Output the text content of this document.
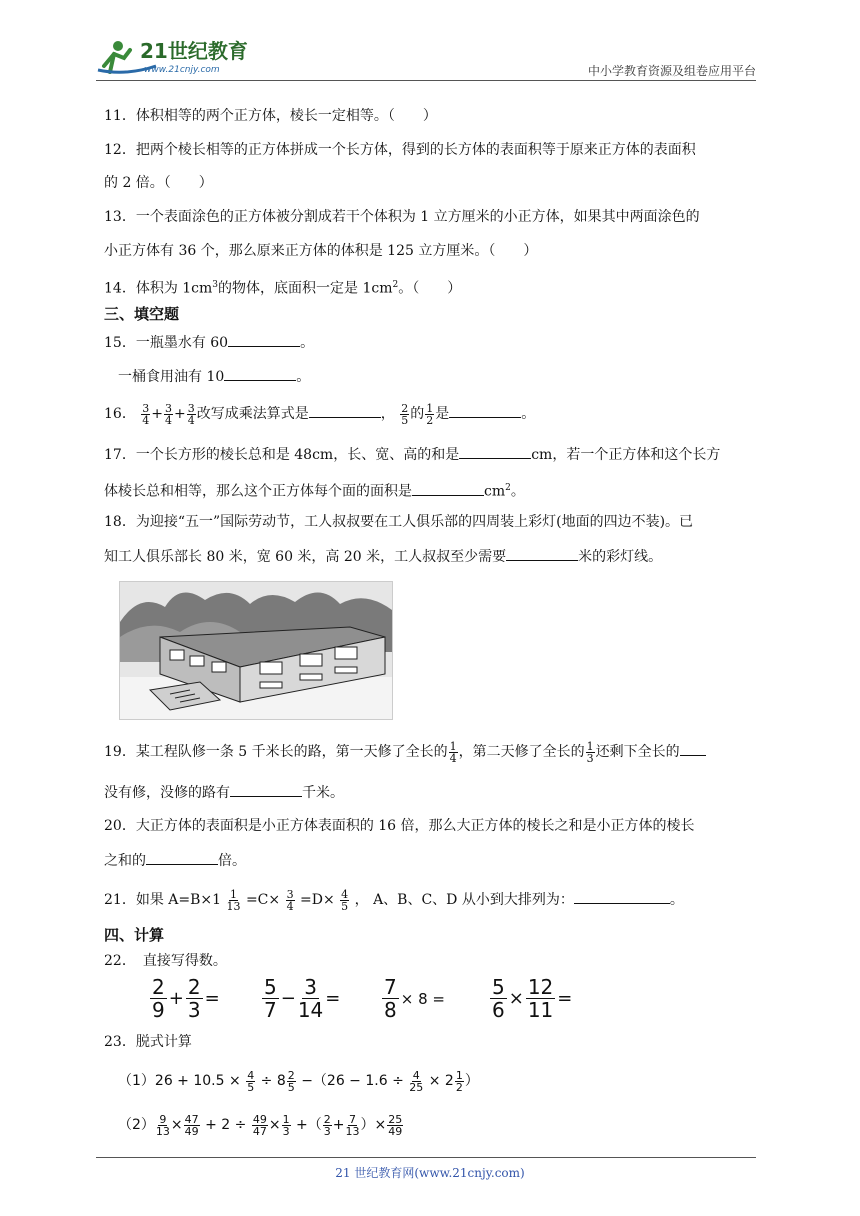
21世纪教育
www.21cnjy.com	中小学教育资源及组卷应用平台
11．体积相等的两个正方体，棱长一定相等。（　　）
12．把两个棱长相等的正方体拼成一个长方体，得到的长方体的表面积等于原来正方体的表面积
的 2 倍。（　　）
13．一个表面涂色的正方体被分割成若干个体积为 1 立方厘米的小正方体，如果其中两面涂色的
小正方体有 36 个，那么原来正方体的体积是 125 立方厘米。（　　）
14．体积为 $1cm^3$的物体，底面积一定是 $1cm^2$。（　　）
三、填空题
15．一瓶墨水有 60	。
一桶食用油有 10	。
16． $\frac{3}{4} + \frac{3}{4} + \frac{3}{4}$ 改写成乘法算式是	， $\frac{2}{5}$ 的 $\frac{1}{2}$ 是	。
17．一个长方形的棱长总和是 48cm，长、宽、高的和是	cm，若一个正方体和这个长方
体棱长总和相等，那么这个正方体每个面的面积是	$cm^2$。
18．为迎接“五一”国际劳动节，工人叔叔要在工人俱乐部的四周装上彩灯(地面的四边不装)。已
知工人俱乐部长 80 米，宽 60 米，高 20 米，工人叔叔至少需要	米的彩灯线。
19．某工程队修一条 5 千米长的路，第一天修了全长的 $\frac{1}{4}$ ，第二天修了全长的 $\frac{1}{3}$ 还剩下全长的
没有修，没修的路有	千米。
20．大正方体的表面积是小正方体表面积的 16 倍，那么大正方体的棱长之和是小正方体的棱长
之和的	倍。
21．如果 $A=B\times 1 \frac{1}{13} =C\times \frac{3}{4} =D\times \frac{4}{5}$ ， A、B、C、D 从小到大排列为：	。
四、计算
22．　直接写得数。
$\frac{2}{9} + \frac{2}{3} = \frac{5}{7} - \frac{3}{14} = \frac{7}{8} \times 8 = \frac{5}{6} \times \frac{12}{11}$ =
23．脱式计算
$(1)26 + 10.5 \times \frac{4}{5} \div 8 \frac{2}{5} -(26 - 1.6 \div \frac{4}{25} \times 2 \frac{1}{2}$ ）
$(2) \frac{9}{13} \times \frac{47}{49} + 2 \div \frac{49}{47} \times \frac{1}{3}$ +（ $\frac{2}{3} + \frac{7}{13}$ ）× $\frac{25}{49}$
21 世纪教育网(www.21cnjy.com)
